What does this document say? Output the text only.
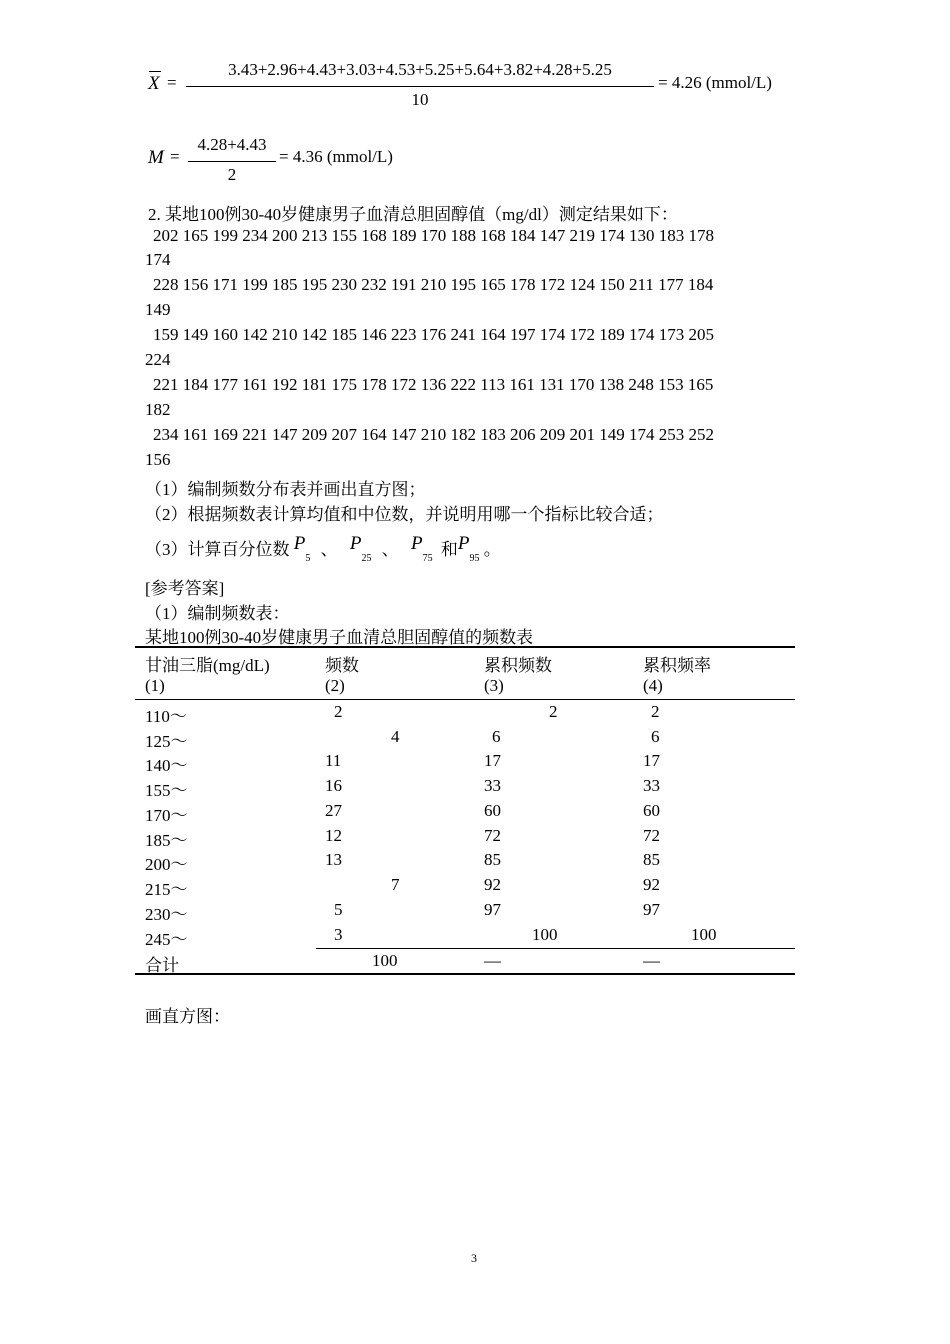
X =
3.43+2.96+4.43+3.03+4.53+5.25+5.64+3.82+4.28+5.25
10
= 4.26 (mmol/L)
M =
4.28+4.43
2
= 4.36 (mmol/L)
2. 某地100例30-40岁健康男子血清总胆固醇值（mg/dl）测定结果如下：
202 165 199 234 200 213 155 168 189 170 188 168 184 147 219 174 130 183 178
174
228 156 171 199 185 195 230 232 191 210 195 165 178 172 124 150 211 177 184
149
159 149 160 142 210 142 185 146 223 176 241 164 197 174 172 189 174 173 205
224
221 184 177 161 192 181 175 178 172 136 222 113 161 131 170 138 248 153 165
182
234 161 169 221 147 209 207 164 147 210 182 183 206 209 201 149 174 253 252
156
（1）编制频数分布表并画出直方图；
（2）根据频数表计算均值和中位数，并说明用哪一个指标比较合适；
（3）计算百分位数 $P_5$ 、 $P_{25}$ 、 $P_{75}$ 和$P_{95}$ 。
[参考答案]
（1）编制频数表：
某地100例30-40岁健康男子血清总胆固醇值的频数表
甘油三脂(mg/dL)	频数	累积频数	累积频率
(1)	(2)	(3)	(4)
110～	2	2	2
125～	4	6	6
140～	11	17	17
155～	16	33	33
170～	27	60	60
185～	12	72	72
200～	13	85	85
215～	7	92	92
230～	5	97	97
245～	3	100	100
合计	100	—	—
画直方图：
3
